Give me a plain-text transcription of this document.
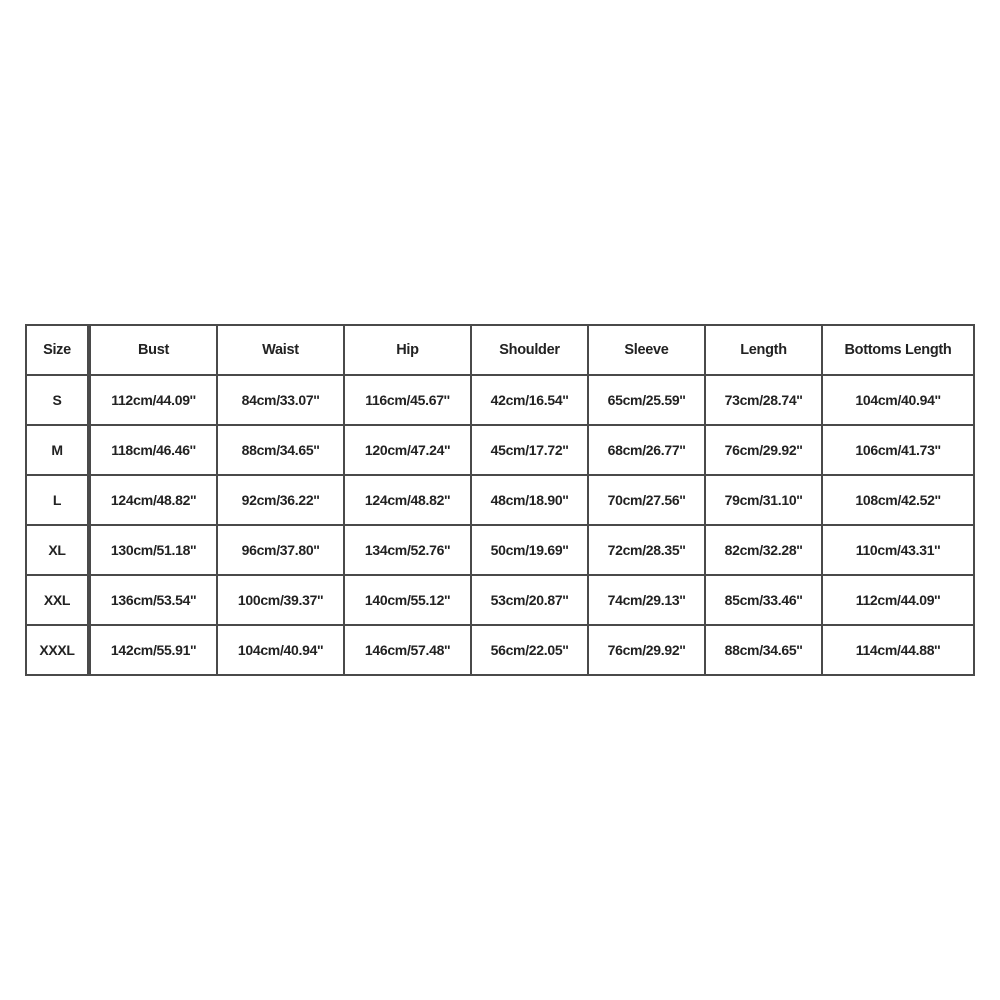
Size	Bust	Waist	Hip	Shoulder	Sleeve	Length	Bottoms Length
S	112cm/44.09''	84cm/33.07''	116cm/45.67''	42cm/16.54''	65cm/25.59''	73cm/28.74''	104cm/40.94''
M	118cm/46.46''	88cm/34.65''	120cm/47.24''	45cm/17.72''	68cm/26.77''	76cm/29.92''	106cm/41.73''
L	124cm/48.82''	92cm/36.22''	124cm/48.82''	48cm/18.90''	70cm/27.56''	79cm/31.10''	108cm/42.52''
XL	130cm/51.18''	96cm/37.80''	134cm/52.76''	50cm/19.69''	72cm/28.35''	82cm/32.28''	110cm/43.31''
XXL	136cm/53.54''	100cm/39.37''	140cm/55.12''	53cm/20.87''	74cm/29.13''	85cm/33.46''	112cm/44.09''
XXXL	142cm/55.91''	104cm/40.94''	146cm/57.48''	56cm/22.05''	76cm/29.92''	88cm/34.65''	114cm/44.88''
